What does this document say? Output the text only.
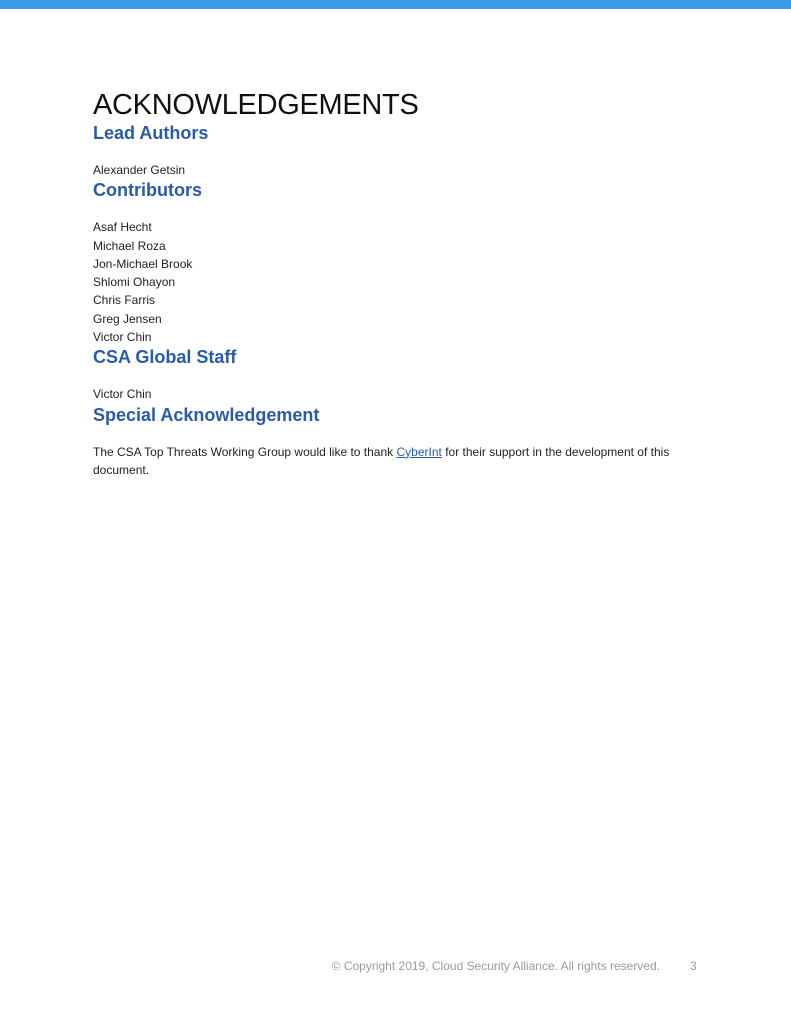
ACKNOWLEDGEMENTS
Lead Authors
Alexander Getsin
Contributors
Asaf Hecht
Michael Roza
Jon-Michael Brook
Shlomi Ohayon
Chris Farris
Greg Jensen
Victor Chin
CSA Global Staff
Victor Chin
Special Acknowledgement

The CSA Top Threats Working Group would like to thank CyberInt for their support in the development of this document.

© Copyright 2019, Cloud Security Alliance. All rights reserved.	3
